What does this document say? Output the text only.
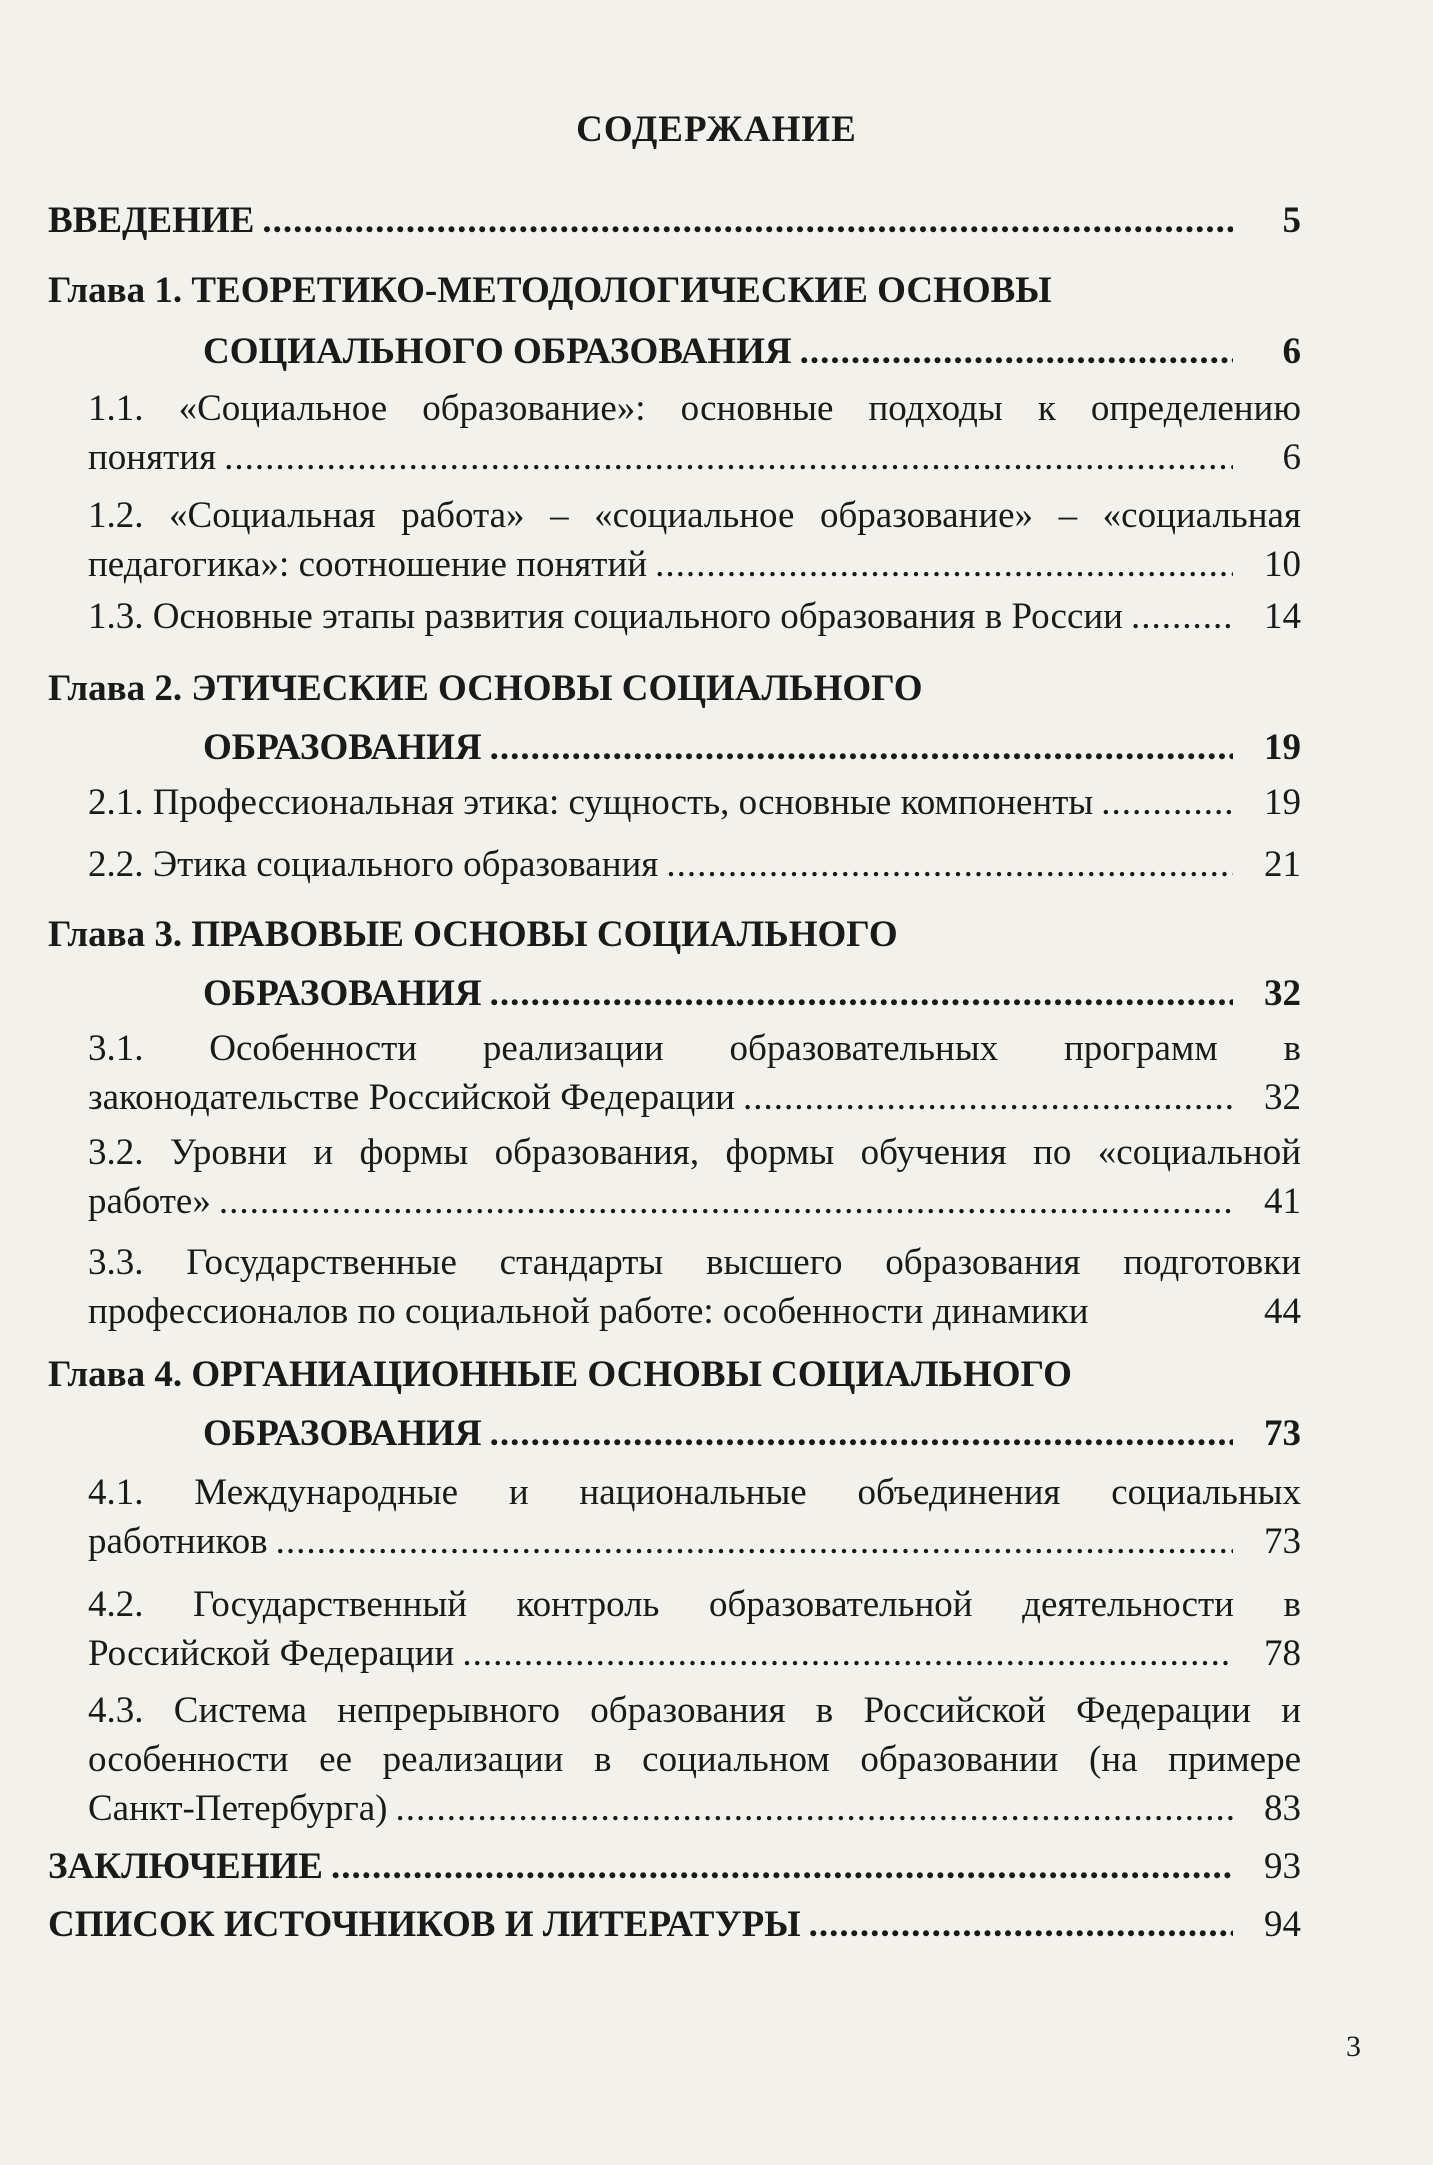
СОДЕРЖАНИЕ
ВВЕДЕНИЕ .....	5
Глава 1. ТЕОРЕТИКО-МЕТОДОЛОГИЧЕСКИЕ ОСНОВЫ
СОЦИАЛЬНОГО ОБРАЗОВАНИЯ .....	6
1.1. «Социальное образование»: основные подходы к определению
понятия .....	6
1.2. «Социальная работа» – «социальное образование» – «социальная
педагогика»: соотношение понятий .....	10
1.3. Основные этапы развития социального образования в России .....	14
Глава 2. ЭТИЧЕСКИЕ ОСНОВЫ СОЦИАЛЬНОГО
ОБРАЗОВАНИЯ .....	19
2.1. Профессиональная этика: сущность, основные компоненты .....	19
2.2. Этика социального образования .....	21
Глава 3. ПРАВОВЫЕ ОСНОВЫ СОЦИАЛЬНОГО
ОБРАЗОВАНИЯ .....	32
3.1. Особенности реализации образовательных программ в
законодательстве Российской Федерации .....	32
3.2. Уровни и формы образования, формы обучения по «социальной
работе» .....	41
3.3. Государственные стандарты высшего образования подготовки
профессионалов по социальной работе: особенности динамики	44
Глава 4. ОРГАНИАЦИОННЫЕ ОСНОВЫ СОЦИАЛЬНОГО
ОБРАЗОВАНИЯ .....	73
4.1. Международные и национальные объединения социальных
работников .....	73
4.2. Государственный контроль образовательной деятельности в
Российской Федерации .....	78
4.3. Система непрерывного образования в Российской Федерации и
особенности ее реализации в социальном образовании (на примере
Санкт-Петербурга) .....	83
ЗАКЛЮЧЕНИЕ .....	93
СПИСОК ИСТОЧНИКОВ И ЛИТЕРАТУРЫ .....	94
3
